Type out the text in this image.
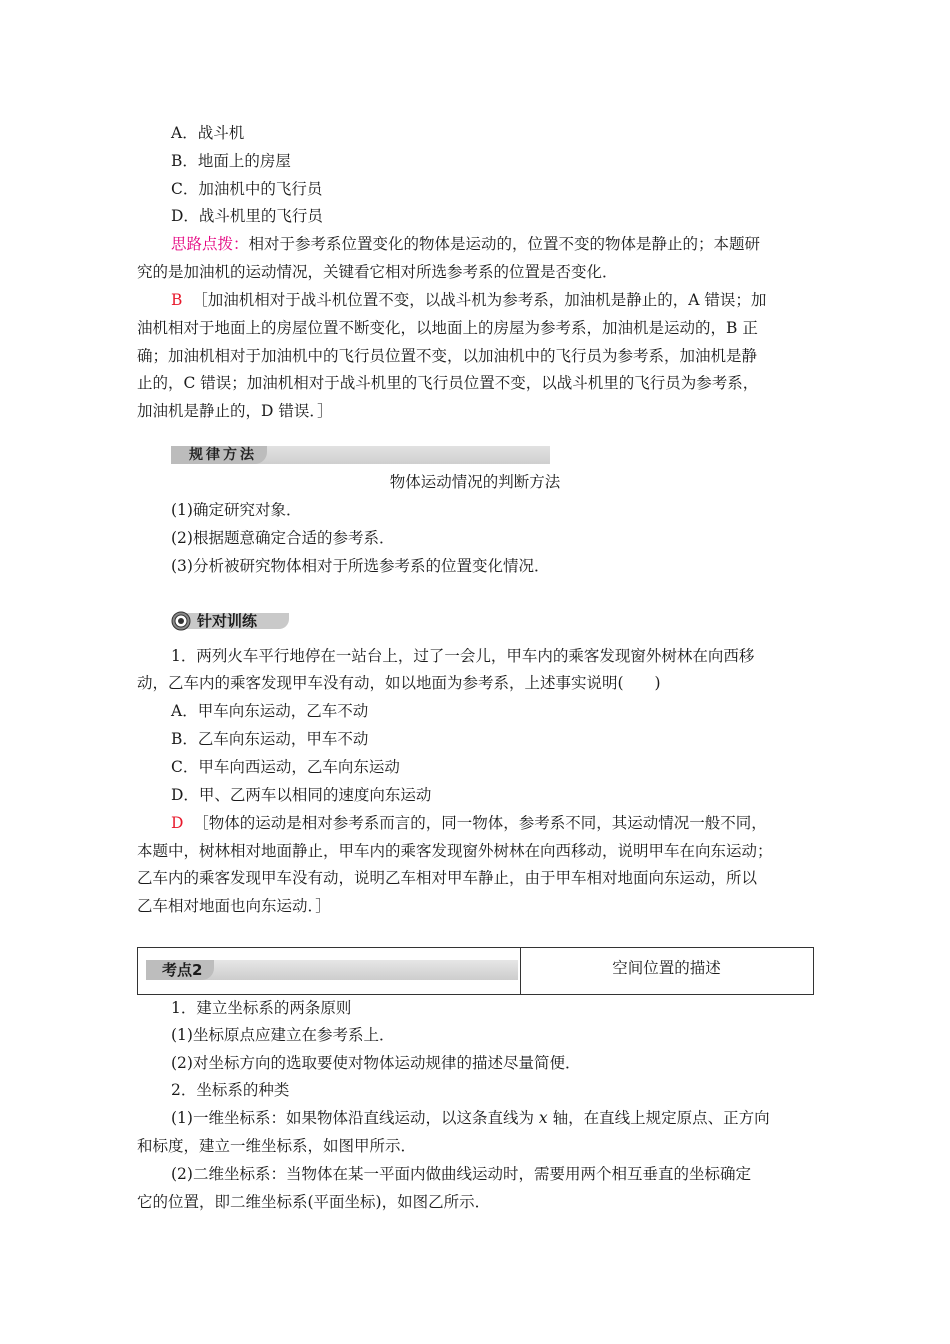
A．战斗机
B．地面上的房屋
C．加油机中的飞行员
D．战斗机里的飞行员
思路点拨：相对于参考系位置变化的物体是运动的，位置不变的物体是静止的；本题研
究的是加油机的运动情况，关键看它相对所选参考系的位置是否变化．
B ［加油机相对于战斗机位置不变，以战斗机为参考系，加油机是静止的，A 错误；加
油机相对于地面上的房屋位置不断变化，以地面上的房屋为参考系，加油机是运动的，B 正
确；加油机相对于加油机中的飞行员位置不变，以加油机中的飞行员为参考系，加油机是静
止的，C 错误；加油机相对于战斗机里的飞行员位置不变，以战斗机里的飞行员为参考系，
加油机是静止的，D 错误．］
规律方法
物体运动情况的判断方法
(1)确定研究对象．
(2)根据题意确定合适的参考系．
(3)分析被研究物体相对于所选参考系的位置变化情况．
针对训练
1．两列火车平行地停在一站台上，过了一会儿，甲车内的乘客发现窗外树林在向西移
动，乙车内的乘客发现甲车没有动，如以地面为参考系，上述事实说明(　　)
A．甲车向东运动，乙车不动
B．乙车向东运动，甲车不动
C．甲车向西运动，乙车向东运动
D．甲、乙两车以相同的速度向东运动
D ［物体的运动是相对参考系而言的，同一物体，参考系不同，其运动情况一般不同，
本题中，树林相对地面静止，甲车内的乘客发现窗外树林在向西移动，说明甲车在向东运动；
乙车内的乘客发现甲车没有动，说明乙车相对甲车静止，由于甲车相对地面向东运动，所以
乙车相对地面也向东运动．］
考点2	空间位置的描述
1．建立坐标系的两条原则
(1)坐标原点应建立在参考系上．
(2)对坐标方向的选取要使对物体运动规律的描述尽量简便．
2．坐标系的种类
(1)一维坐标系：如果物体沿直线运动，以这条直线为 x 轴，在直线上规定原点、正方向
和标度，建立一维坐标系，如图甲所示．
(2)二维坐标系：当物体在某一平面内做曲线运动时，需要用两个相互垂直的坐标确定
它的位置，即二维坐标系(平面坐标)，如图乙所示．
